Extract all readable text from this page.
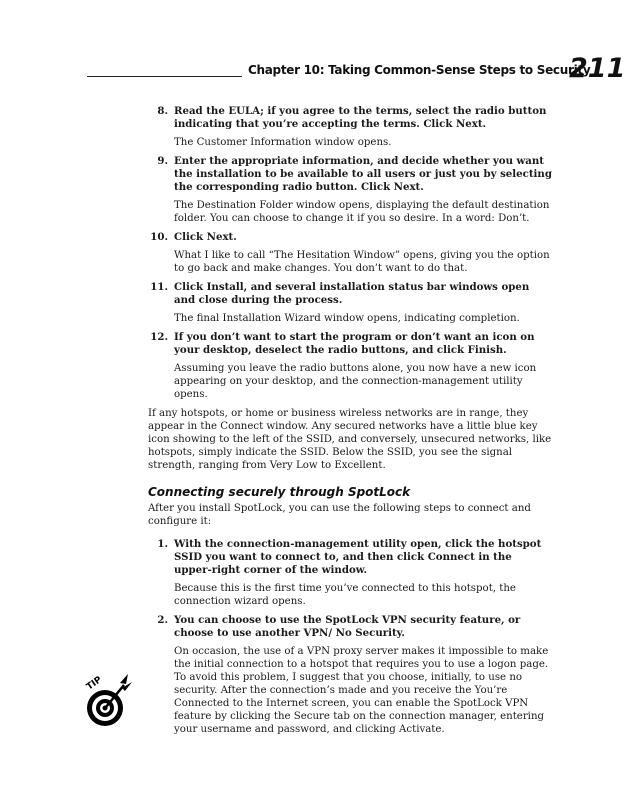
Chapter 10: Taking Common-Sense Steps to Security
211
8. Read the EULA; if you agree to the terms, select the radio button indicating that you’re accepting the terms. Click Next.

The Customer Information window opens.

9. Enter the appropriate information, and decide whether you want the installation to be available to all users or just you by selecting the corresponding radio button. Click Next.

The Destination Folder window opens, displaying the default destination folder. You can choose to change it if you so desire. In a word: Don’t.

10. Click Next.

What I like to call “The Hesitation Window” opens, giving you the option to go back and make changes. You don’t want to do that.

11. Click Install, and several installation status bar windows open and close during the process.

The final Installation Wizard window opens, indicating completion.

12. If you don’t want to start the program or don’t want an icon on your desktop, deselect the radio buttons, and click Finish.

Assuming you leave the radio buttons alone, you now have a new icon appearing on your desktop, and the connection-management utility opens.

If any hotspots, or home or business wireless networks are in range, they appear in the Connect window. Any secured networks have a little blue key icon showing to the left of the SSID, and conversely, unsecured networks, like hotspots, simply indicate the SSID. Below the SSID, you see the signal strength, ranging from Very Low to Excellent.

Connecting securely through SpotLock

After you install SpotLock, you can use the following steps to connect and configure it:

1. With the connection-management utility open, click the hotspot SSID you want to connect to, and then click Connect in the upper-right corner of the window.

Because this is the first time you’ve connected to this hotspot, the connection wizard opens.

2. You can choose to use the SpotLock VPN security feature, or choose to use another VPN/ No Security.

On occasion, the use of a VPN proxy server makes it impossible to make the initial connection to a hotspot that requires you to use a logon page. To avoid this problem, I suggest that you choose, initially, to use no security. After the connection’s made and you receive the You’re Connected to the Internet screen, you can enable the SpotLock VPN feature by clicking the Secure tab on the connection manager, entering your username and password, and clicking Activate.

TIP
